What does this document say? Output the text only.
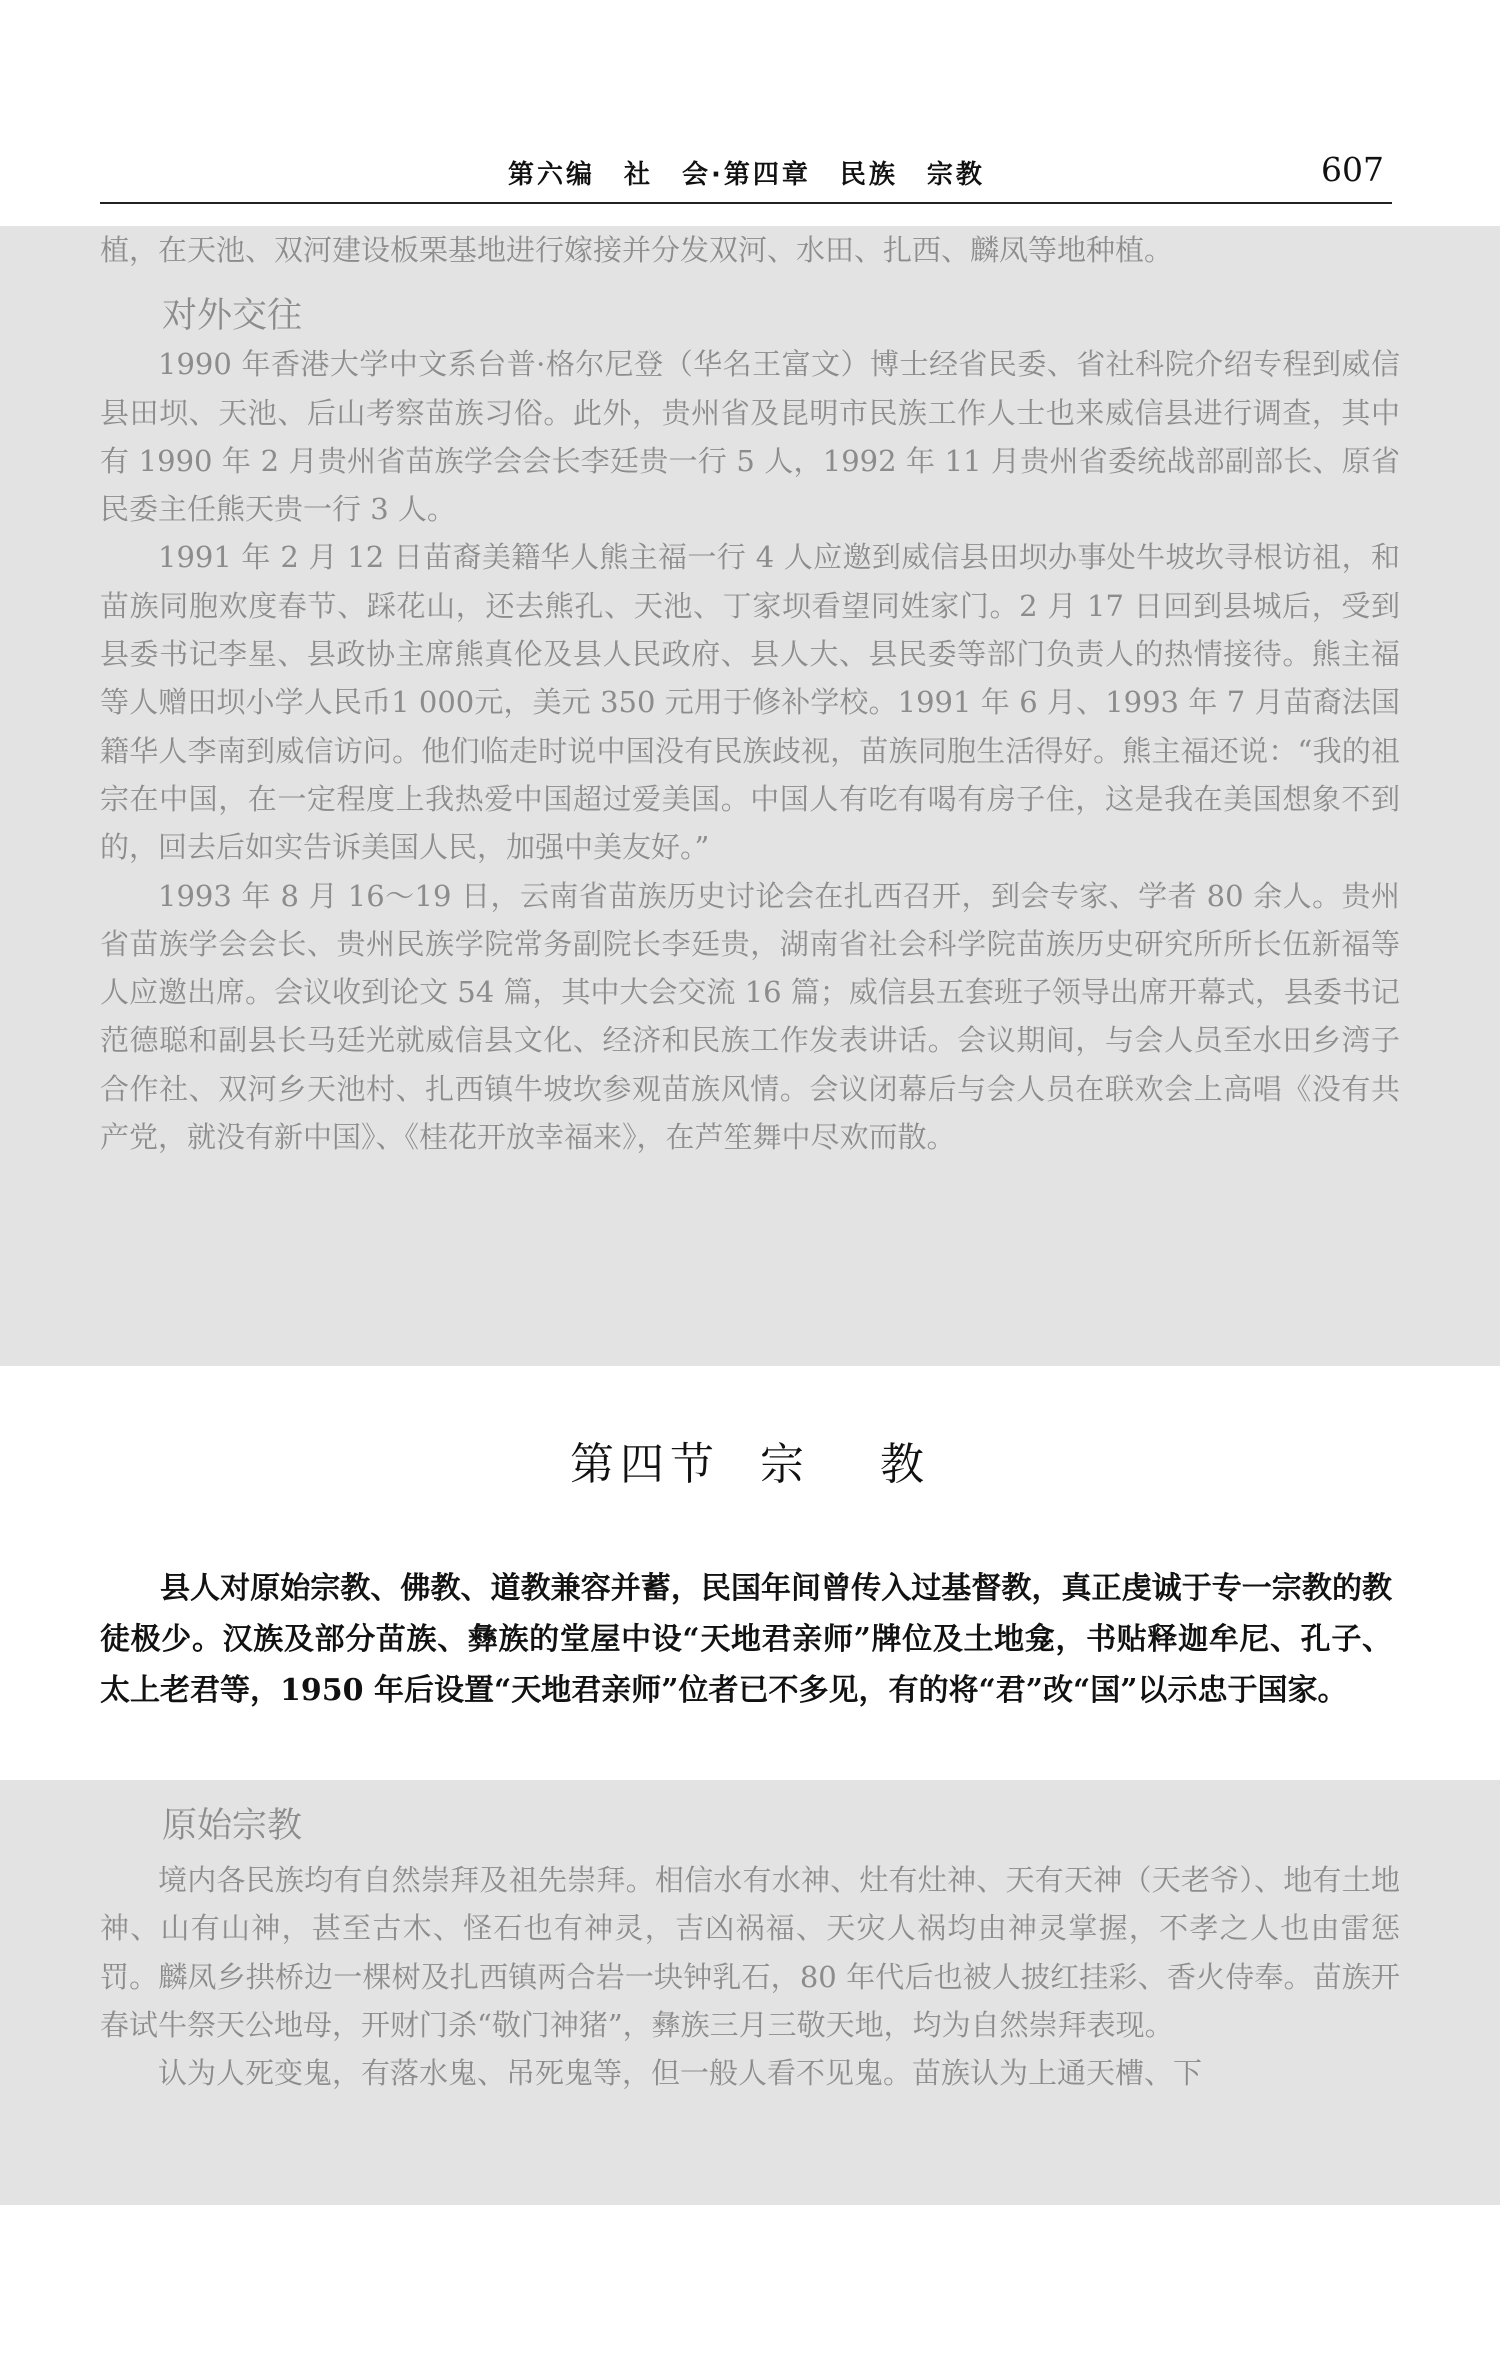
第六编　社　会·第四章　民族　宗教	607

植，在天池、双河建设板栗基地进行嫁接并分发双河、水田、扎西、麟凤等地种植。

对外交往

1990 年香港大学中文系台普·格尔尼登（华名王富文）博士经省民委、省社科院介绍专程到威信县田坝、天池、后山考察苗族习俗。此外，贵州省及昆明市民族工作人士也来威信县进行调查，其中有 1990 年 2 月贵州省苗族学会会长李廷贵一行 5 人，1992 年 11 月贵州省委统战部副部长、原省民委主任熊天贵一行 3 人。

1991 年 2 月 12 日苗裔美籍华人熊主福一行 4 人应邀到威信县田坝办事处牛坡坎寻根访祖，和苗族同胞欢度春节、踩花山，还去熊孔、天池、丁家坝看望同姓家门。2 月 17 日回到县城后，受到县委书记李星、县政协主席熊真伦及县人民政府、县人大、县民委等部门负责人的热情接待。熊主福等人赠田坝小学人民币1 000元，美元 350 元用于修补学校。1991 年 6 月、1993 年 7 月苗裔法国籍华人李南到威信访问。他们临走时说中国没有民族歧视，苗族同胞生活得好。熊主福还说：“我的祖宗在中国，在一定程度上我热爱中国超过爱美国。中国人有吃有喝有房子住，这是我在美国想象不到的，回去后如实告诉美国人民，加强中美友好。”

1993 年 8 月 16～19 日，云南省苗族历史讨论会在扎西召开，到会专家、学者 80 余人。贵州省苗族学会会长、贵州民族学院常务副院长李廷贵，湖南省社会科学院苗族历史研究所所长伍新福等人应邀出席。会议收到论文 54 篇，其中大会交流 16 篇；威信县五套班子领导出席开幕式，县委书记范德聪和副县长马廷光就威信县文化、经济和民族工作发表讲话。会议期间，与会人员至水田乡湾子合作社、双河乡天池村、扎西镇牛坡坎参观苗族风情。会议闭幕后与会人员在联欢会上高唱《没有共产党，就没有新中国》、《桂花开放幸福来》，在芦笙舞中尽欢而散。

第四节 宗 教

县人对原始宗教、佛教、道教兼容并蓄，民国年间曾传入过基督教，真正虔诚于专一宗教的教徒极少。汉族及部分苗族、彝族的堂屋中设“天地君亲师”牌位及土地龛，书贴释迦牟尼、孔子、太上老君等，1950 年后设置“天地君亲师”位者已不多见，有的将“君”改“国”以示忠于国家。

原始宗教

境内各民族均有自然崇拜及祖先崇拜。相信水有水神、灶有灶神、天有天神（天老爷）、地有土地神、山有山神，甚至古木、怪石也有神灵，吉凶祸福、天灾人祸均由神灵掌握，不孝之人也由雷惩罚。麟凤乡拱桥边一棵树及扎西镇两合岩一块钟乳石，80 年代后也被人披红挂彩、香火侍奉。苗族开春试牛祭天公地母，开财门杀“敬门神猪”，彝族三月三敬天地，均为自然崇拜表现。

认为人死变鬼，有落水鬼、吊死鬼等，但一般人看不见鬼。苗族认为上通天槽、下
